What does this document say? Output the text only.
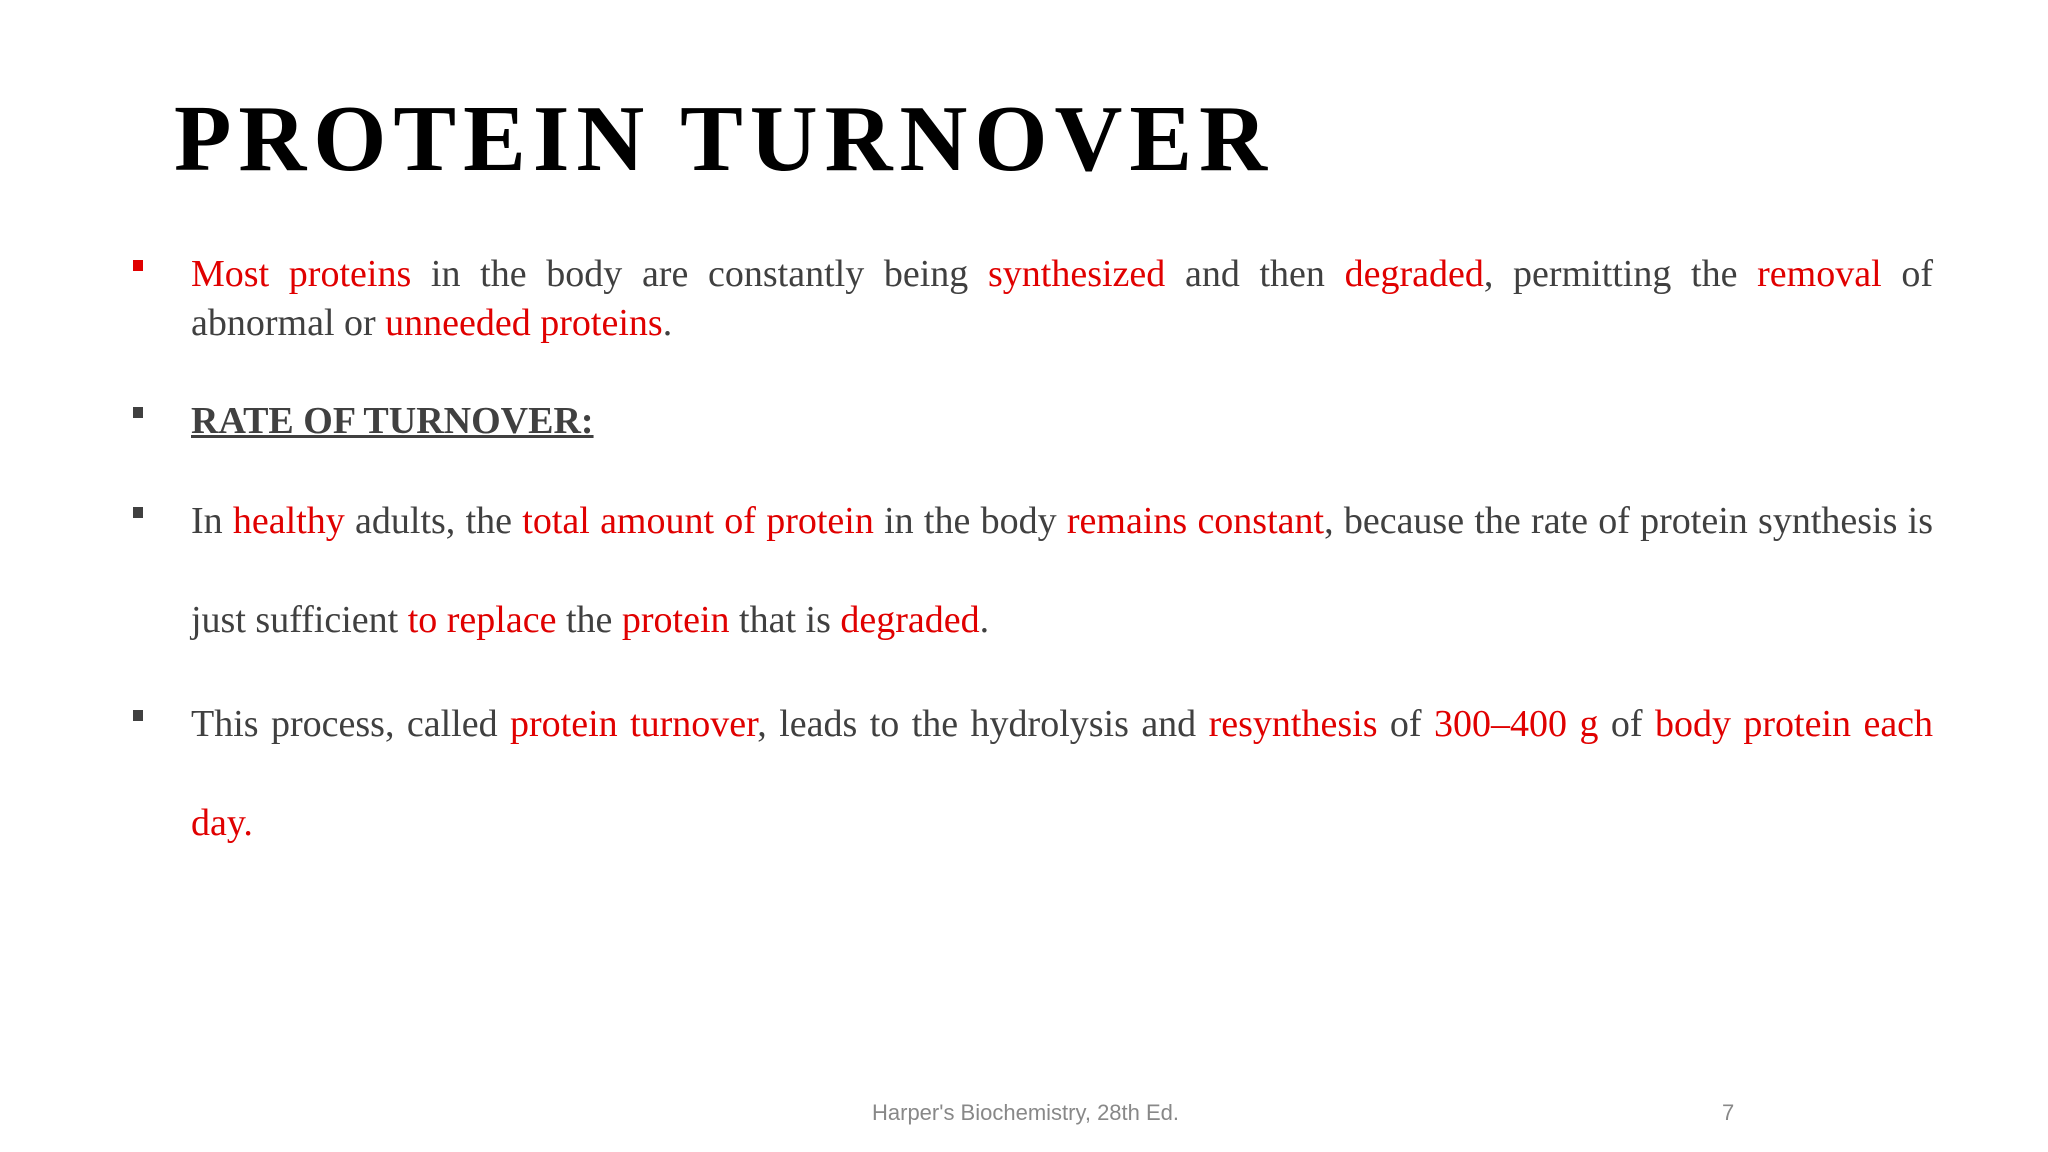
PROTEIN TURNOVER
Most proteins in the body are constantly being synthesized and then degraded, permitting the removal of abnormal or unneeded proteins.
RATE OF TURNOVER:
In healthy adults, the total amount of protein in the body remains constant, because the rate of protein synthesis is just sufficient to replace the protein that is degraded.
This process, called protein turnover, leads to the hydrolysis and resynthesis of 300–400 g of body protein each day.
Harper's Biochemistry, 28th Ed.	7
